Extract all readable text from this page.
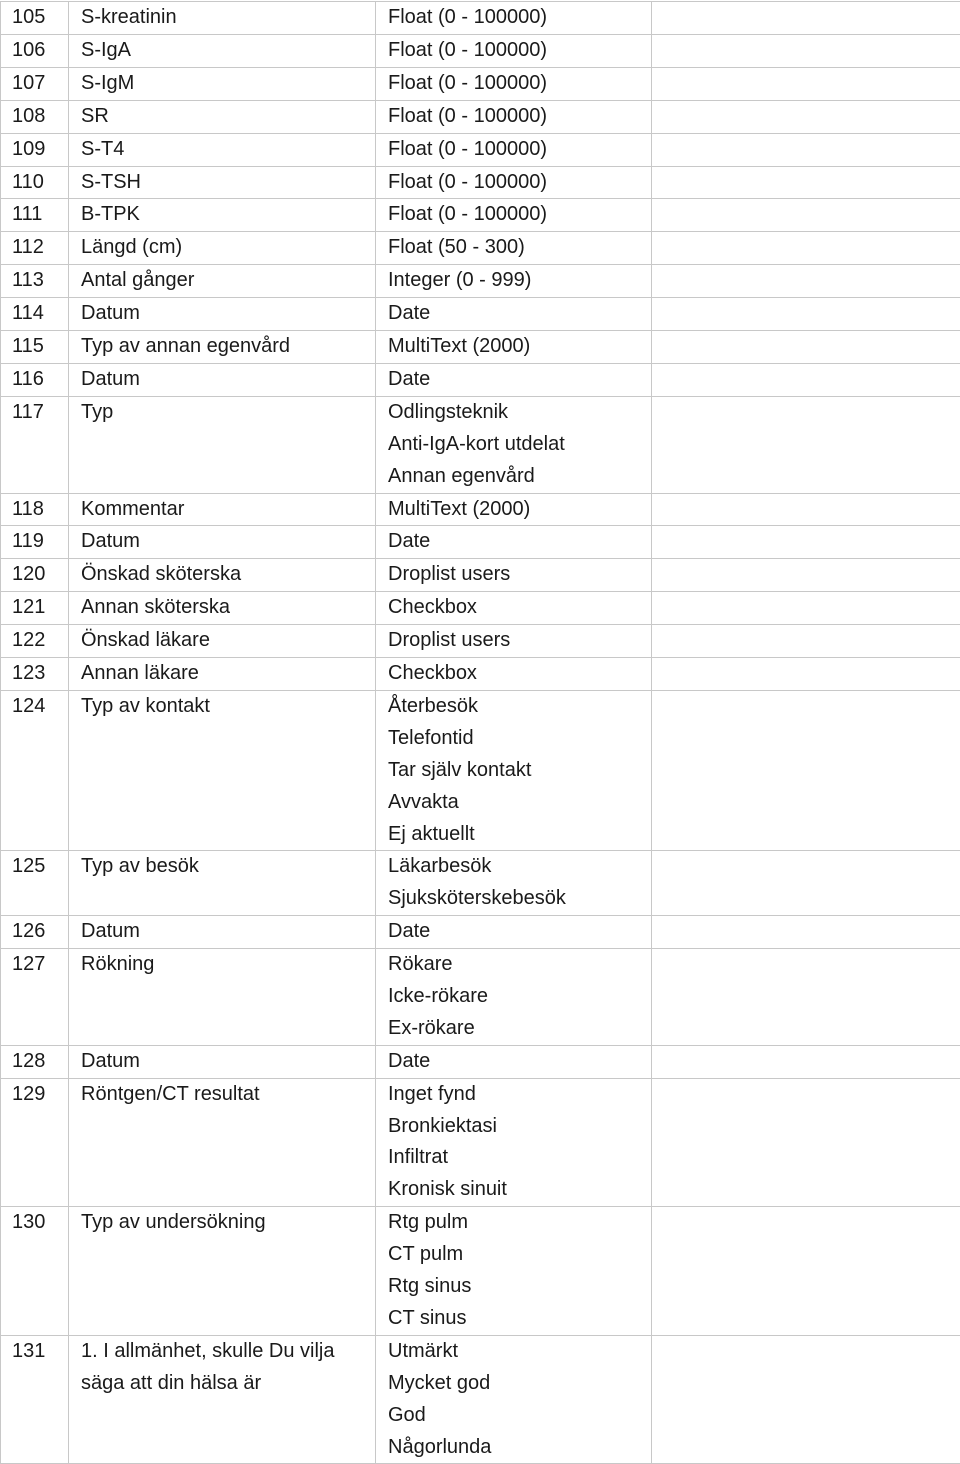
105	S-kreatinin	Float (0 - 100000)	

106	S-IgA	Float (0 - 100000)	

107	S-IgM	Float (0 - 100000)	

108	SR	Float (0 - 100000)	

109	S-T4	Float (0 - 100000)	

110	S-TSH	Float (0 - 100000)	

111	B-TPK	Float (0 - 100000)	

112	Längd (cm)	Float (50 - 300)	

113	Antal gånger	Integer (0 - 999)	

114	Datum	Date	

115	Typ av annan egenvård	MultiText (2000)	

116	Datum	Date	

117	Typ	Odlingsteknik
Anti-IgA-kort utdelat
Annan egenvård	

118	Kommentar	MultiText (2000)	

119	Datum	Date	

120	Önskad sköterska	Droplist users	

121	Annan sköterska	Checkbox	

122	Önskad läkare	Droplist users	

123	Annan läkare	Checkbox	

124	Typ av kontakt	Återbesök
Telefontid
Tar själv kontakt
Avvakta
Ej aktuellt	

125	Typ av besök	Läkarbesök
Sjuksköterskebesök	

126	Datum	Date	

127	Rökning	Rökare
Icke-rökare
Ex-rökare	

128	Datum	Date	

129	Röntgen/CT resultat	Inget fynd
Bronkiektasi
Infiltrat
Kronisk sinuit	

130	Typ av undersökning	Rtg pulm
CT pulm
Rtg sinus
CT sinus	

131	1. I allmänhet, skulle Du vilja säga att din hälsa är	Utmärkt
Mycket god
God
Någorlunda	
